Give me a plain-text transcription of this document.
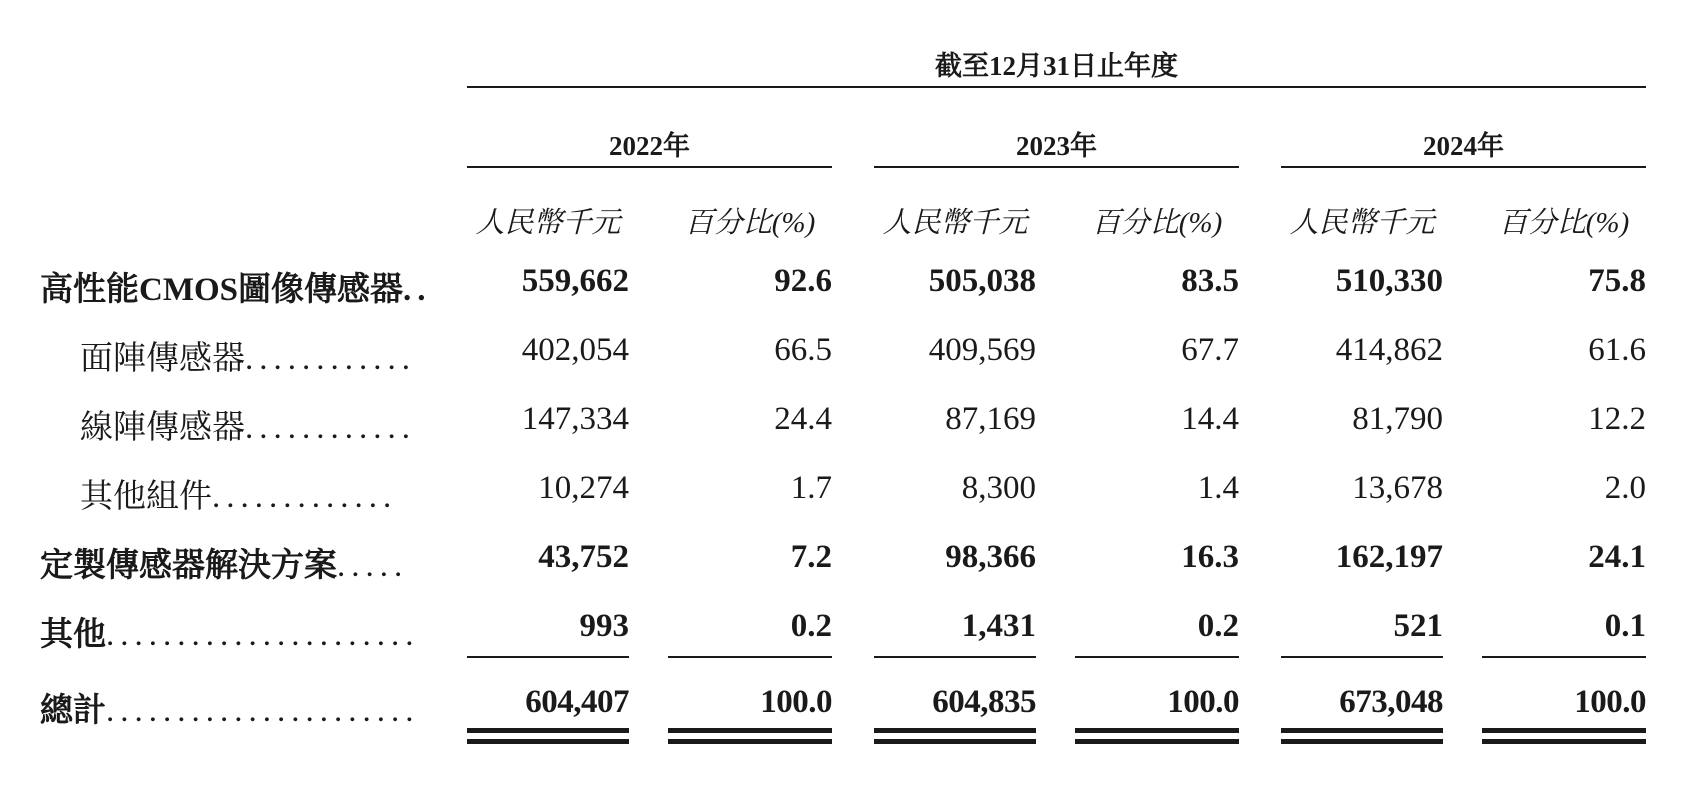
截至12月31日止年度
2022年	2023年	2024年
人民幣千元	百分比(%)	人民幣千元	百分比(%)	人民幣千元	百分比(%)
高性能CMOS圖像傳感器..	559,662	92.6	505,038	83.5	510,330	75.8
面陣傳感器............	402,054	66.5	409,569	67.7	414,862	61.6
線陣傳感器............	147,334	24.4	87,169	14.4	81,790	12.2
其他組件.............	10,274	1.7	8,300	1.4	13,678	2.0
定製傳感器解決方案.....	43,752	7.2	98,366	16.3	162,197	24.1
其他......................	993	0.2	1,431	0.2	521	0.1
總計......................	604,407	100.0	604,835	100.0	673,048	100.0
